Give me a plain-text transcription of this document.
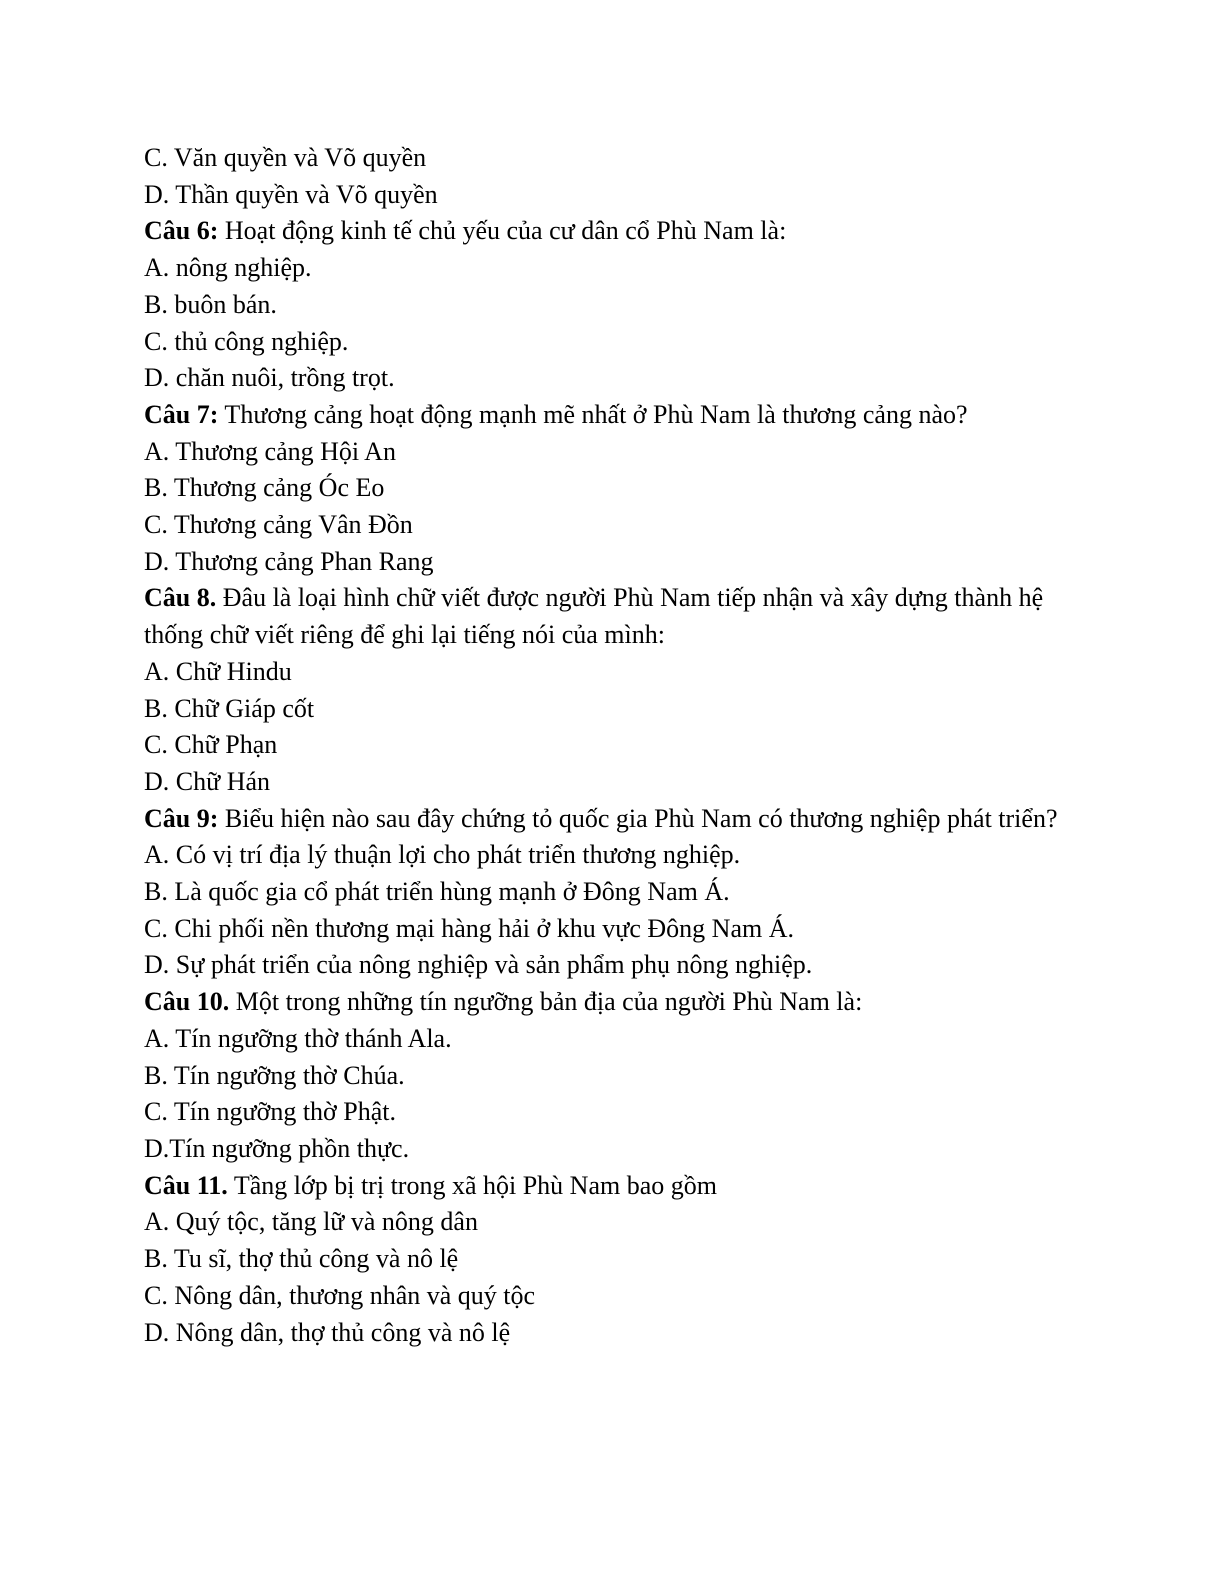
C. Văn quyền và Võ quyền

D. Thần quyền và Võ quyền

Câu 6: Hoạt động kinh tế chủ yếu của cư dân cổ Phù Nam là:

A. nông nghiệp.

B. buôn bán.

C. thủ công nghiệp.

D. chăn nuôi, trồng trọt.

Câu 7: Thương cảng hoạt động mạnh mẽ nhất ở Phù Nam là thương cảng nào?

A. Thương cảng Hội An

B. Thương cảng Óc Eo

C. Thương cảng Vân Đồn

D. Thương cảng Phan Rang

Câu 8. Đâu là loại hình chữ viết được người Phù Nam tiếp nhận và xây dựng thành hệ thống chữ viết riêng để ghi lại tiếng nói của mình:

A. Chữ Hindu

B. Chữ Giáp cốt

C. Chữ Phạn

D. Chữ Hán

Câu 9: Biểu hiện nào sau đây chứng tỏ quốc gia Phù Nam có thương nghiệp phát triển?

A. Có vị trí địa lý thuận lợi cho phát triển thương nghiệp.

B. Là quốc gia cổ phát triển hùng mạnh ở Đông Nam Á.

C. Chi phối nền thương mại hàng hải ở khu vực Đông Nam Á.

D. Sự phát triển của nông nghiệp và sản phẩm phụ nông nghiệp.

Câu 10. Một trong những tín ngưỡng bản địa của người Phù Nam là:

A. Tín ngưỡng thờ thánh Ala.

B. Tín ngưỡng thờ Chúa.

C. Tín ngưỡng thờ Phật.

D.Tín ngưỡng phồn thực.

Câu 11. Tầng lớp bị trị trong xã hội Phù Nam bao gồm

A. Quý tộc, tăng lữ và nông dân

B. Tu sĩ, thợ thủ công và nô lệ

C. Nông dân, thương nhân và quý tộc

D. Nông dân, thợ thủ công và nô lệ
